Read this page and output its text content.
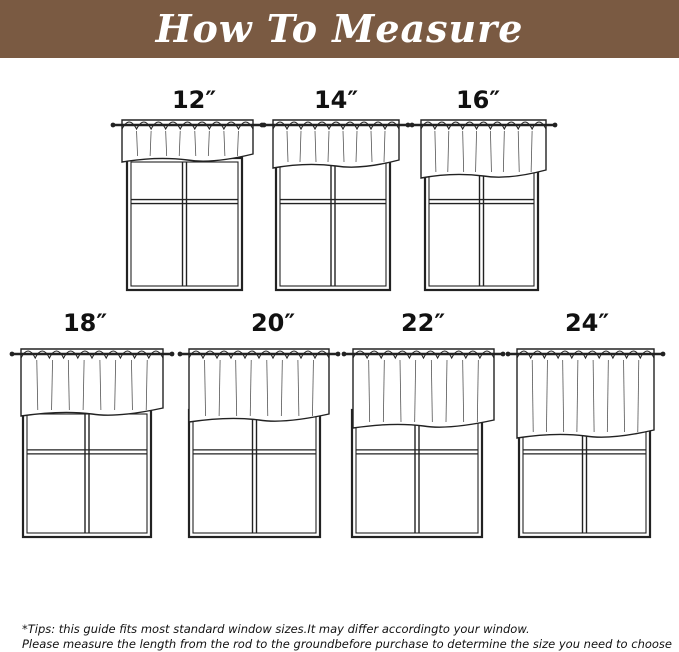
How To Measure
12″	14″	16″
18″	20″	22″	24″
*Tips: this guide fits most standard window sizes.It may differ accordingto your window.
Please measure the length from the rod to the groundbefore purchase to determine the size you need to choose
